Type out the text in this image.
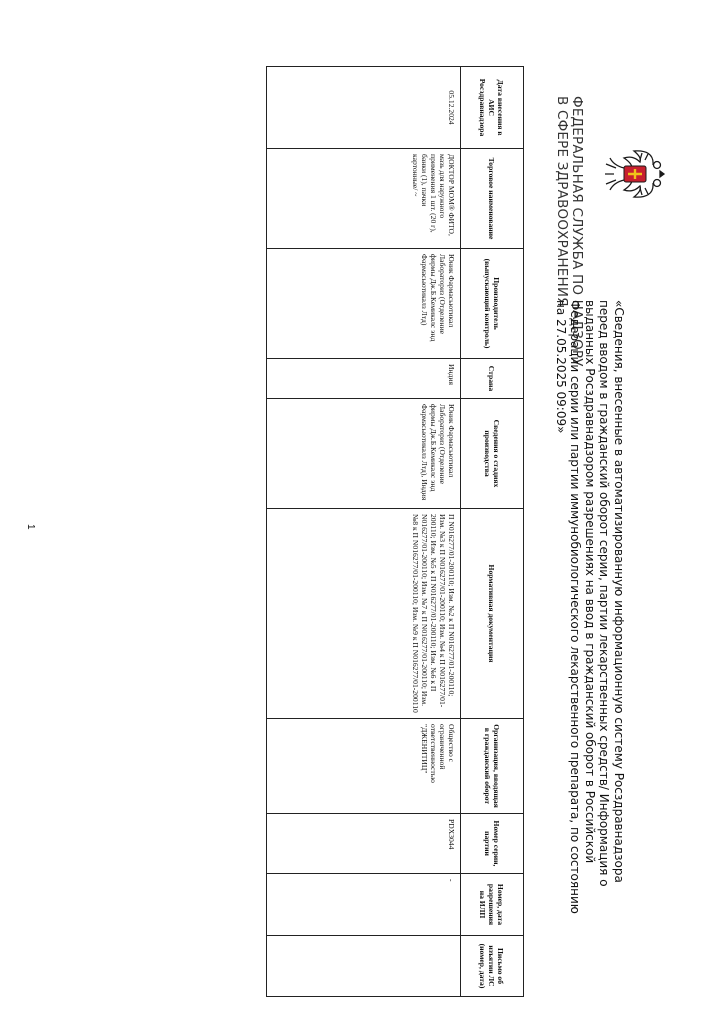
ФЕДЕРАЛЬНАЯ СЛУЖБА ПО НАДЗОРУ
В СФЕРЕ ЗДРАВООХРАНЕНИЯ
«Сведения, внесенные в автоматизированную информационную систему Росздравнадзора перед вводом в гражданский оборот серии, партии лекарственных средств/ Информация о выданных Росздравнадзором разрешениях на ввод в гражданский оборот в Российской Федерации серии или партии иммунобиологического лекарственного препарата, по состоянию на 27.05.2025 09:09»
Дата внесения в АИС Росздравнадзора	Торговое наименование	Производитель (выпускающий контроль)	Страна	Сведения о стадиях производства	Нормативная документация	Организация, вводящая в гражданский оборот	Номер серии, партии	Номер, дата разрешения на ИЛП	Письмо об изъятии ЛС (номер, дата)
05.12.2024	ДОКТОР МОМ® ФИТО, мазь для наружного применения 1 шт. (20 г), банки (1), пачки картонные/ ~	Юник Фармасьютикал Лабораториз (Отделение фирмы Дж.Б.Кемикалс энд Фармасьютикалз Лтд)	Индия	Юник Фармасьютикал Лабораториз (Отделение фирмы Дж.Б.Кемикалс энд Фармасьютикалз Лтд), Индия	П N016277/01-200110; Изм. №2 к П N016277/01-200110; Изм. №3 к П N016277/01-200110; Изм. №4 к П N016277/01-200110; Изм. №5 к П N016277/01-200110; Изм. №6 к П N016277/01-200110; Изм. №7 к П N016277/01-200110; Изм. №8 к П N016277/01-200110; Изм. №9 к П N016277/01-200110	Общество с ограниченной ответственностью "ДЖЕНИТИЦ"	PDX3044	-	
1
